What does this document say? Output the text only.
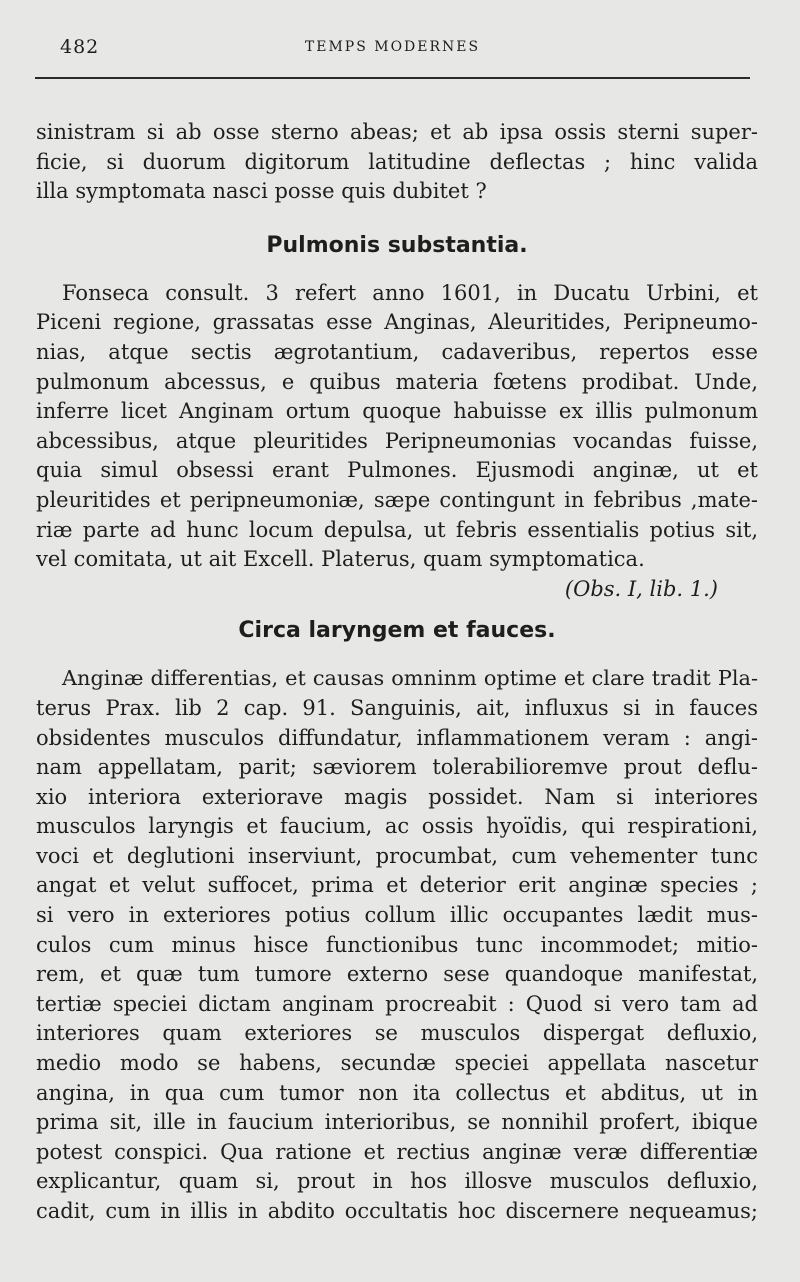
482	TEMPS MODERNES
sinistram si ab osse sterno abeas; et ab ipsa ossis sterni super-
ficie, si duorum digitorum latitudine deflectas ; hinc valida
illa symptomata nasci posse quis dubitet ?
Pulmonis substantia.
Fonseca consult. 3 refert anno 1601, in Ducatu Urbini, et
Piceni regione, grassatas esse Anginas, Aleuritides, Peripneumo-
nias, atque sectis ægrotantium, cadaveribus, repertos esse
pulmonum abcessus, e quibus materia fœtens prodibat. Unde,
inferre licet Anginam ortum quoque habuisse ex illis pulmonum
abcessibus, atque pleuritides Peripneumonias vocandas fuisse,
quia simul obsessi erant Pulmones. Ejusmodi anginæ, ut et
pleuritides et peripneumoniæ, sæpe contingunt in febribus ,mate-
riæ parte ad hunc locum depulsa, ut febris essentialis potius sit,
vel comitata, ut ait Excell. Platerus, quam symptomatica.
(Obs. I, lib. 1.)
Circa laryngem et fauces.
Anginæ differentias, et causas omninm optime et clare tradit Pla-
terus Prax. lib 2 cap. 91. Sanguinis, ait, influxus si in fauces
obsidentes musculos diffundatur, inflammationem veram : angi-
nam appellatam, parit; sæviorem tolerabilioremve prout deflu-
xio interiora exteriorave magis possidet. Nam si interiores
musculos laryngis et faucium, ac ossis hyoïdis, qui respirationi,
voci et deglutioni inserviunt, procumbat, cum vehementer tunc
angat et velut suffocet, prima et deterior erit anginæ species ;
si vero in exteriores potius collum illic occupantes lædit mus-
culos cum minus hisce functionibus tunc incommodet; mitio-
rem, et quæ tum tumore externo sese quandoque manifestat,
tertiæ speciei dictam anginam procreabit : Quod si vero tam ad
interiores quam exteriores se musculos dispergat defluxio,
medio modo se habens, secundæ speciei appellata nascetur
angina, in qua cum tumor non ita collectus et abditus, ut in
prima sit, ille in faucium interioribus, se nonnihil profert, ibique
potest conspici. Qua ratione et rectius anginæ veræ differentiæ
explicantur, quam si, prout in hos illosve musculos defluxio,
cadit, cum in illis in abdito occultatis hoc discernere nequeamus;
